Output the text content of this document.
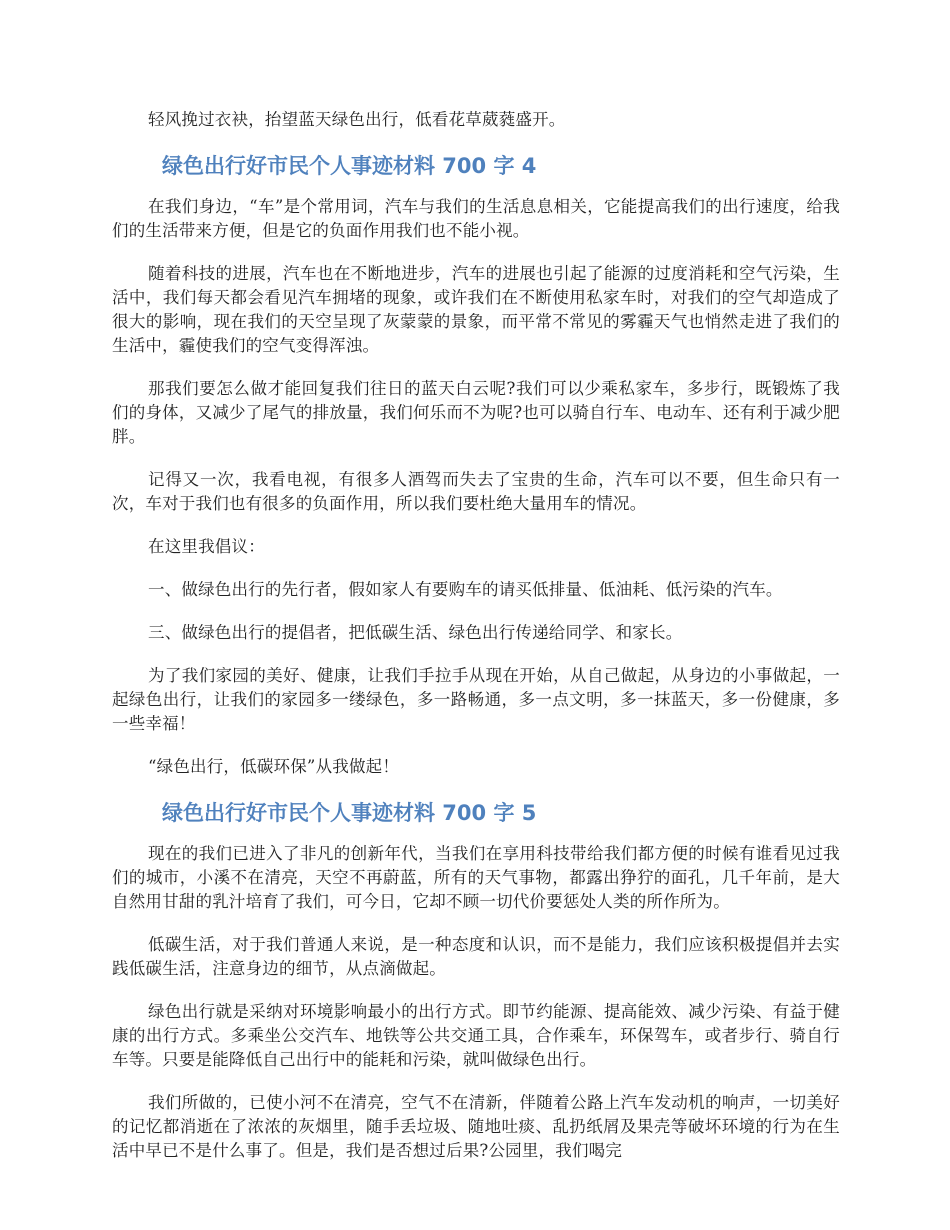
轻风挽过衣袂，抬望蓝天绿色出行，低看花草葳蕤盛开。

绿色出行好市民个人事迹材料 700 字 4

在我们身边，“车”是个常用词，汽车与我们的生活息息相关，它能提高我们的出行速度，给我们的生活带来方便，但是它的负面作用我们也不能小视。

随着科技的进展，汽车也在不断地进步，汽车的进展也引起了能源的过度消耗和空气污染，生活中，我们每天都会看见汽车拥堵的现象，或许我们在不断使用私家车时，对我们的空气却造成了很大的影响，现在我们的天空呈现了灰蒙蒙的景象，而平常不常见的雾霾天气也悄然走进了我们的生活中，霾使我们的空气变得浑浊。

那我们要怎么做才能回复我们往日的蓝天白云呢?我们可以少乘私家车，多步行，既锻炼了我们的身体，又减少了尾气的排放量，我们何乐而不为呢?也可以骑自行车、电动车、还有利于减少肥胖。

记得又一次，我看电视，有很多人酒驾而失去了宝贵的生命，汽车可以不要，但生命只有一次，车对于我们也有很多的负面作用，所以我们要杜绝大量用车的情况。

在这里我倡议：

一、做绿色出行的先行者，假如家人有要购车的请买低排量、低油耗、低污染的汽车。

三、做绿色出行的提倡者，把低碳生活、绿色出行传递给同学、和家长。

为了我们家园的美好、健康，让我们手拉手从现在开始，从自己做起，从身边的小事做起，一起绿色出行，让我们的家园多一缕绿色，多一路畅通，多一点文明，多一抹蓝天，多一份健康，多一些幸福！

“绿色出行，低碳环保”从我做起！

绿色出行好市民个人事迹材料 700 字 5

现在的我们已进入了非凡的创新年代，当我们在享用科技带给我们都方便的时候有谁看见过我们的城市，小溪不在清亮，天空不再蔚蓝，所有的天气事物，都露出狰狞的面孔，几千年前，是大自然用甘甜的乳汁培育了我们，可今日，它却不顾一切代价要惩处人类的所作所为。

低碳生活，对于我们普通人来说，是一种态度和认识，而不是能力，我们应该积极提倡并去实践低碳生活，注意身边的细节，从点滴做起。

绿色出行就是采纳对环境影响最小的出行方式。即节约能源、提高能效、减少污染、有益于健康的出行方式。多乘坐公交汽车、地铁等公共交通工具，合作乘车，环保驾车，或者步行、骑自行车等。只要是能降低自己出行中的能耗和污染，就叫做绿色出行。

我们所做的，已使小河不在清亮，空气不在清新，伴随着公路上汽车发动机的响声，一切美好的记忆都消逝在了浓浓的灰烟里，随手丢垃圾、随地吐痰、乱扔纸屑及果壳等破坏环境的行为在生活中早已不是什么事了。但是，我们是否想过后果?公园里，我们喝完
